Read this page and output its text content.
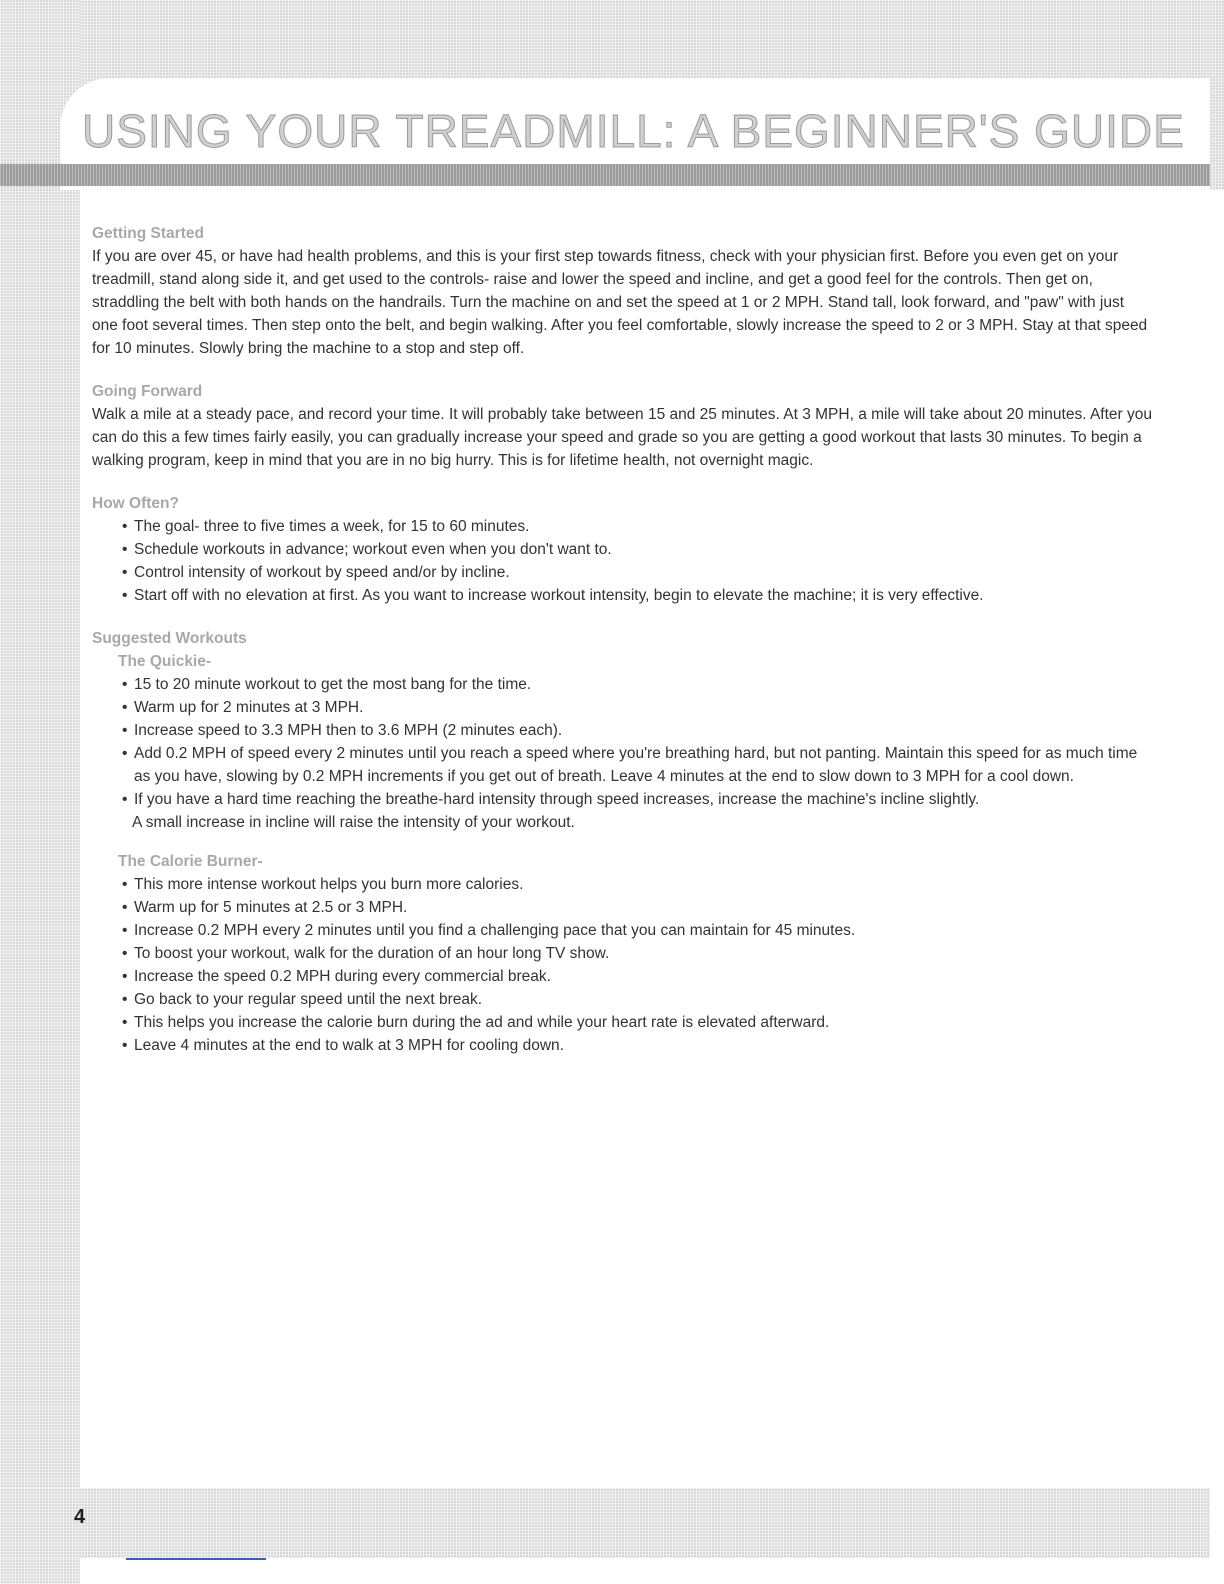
USING YOUR TREADMILL: A BEGINNER'S GUIDE
Getting Started

If you are over 45, or have had health problems, and this is your first step towards fitness, check with your physician first. Before you even get on your treadmill, stand along side it, and get used to the controls- raise and lower the speed and incline, and get a good feel for the controls. Then get on, straddling the belt with both hands on the handrails. Turn the machine on and set the speed at 1 or 2 MPH. Stand tall, look forward, and "paw" with just one foot several times. Then step onto the belt, and begin walking. After you feel comfortable, slowly increase the speed to 2 or 3 MPH. Stay at that speed for 10 minutes. Slowly bring the machine to a stop and step off.

Going Forward

Walk a mile at a steady pace, and record your time. It will probably take between 15 and 25 minutes. At 3 MPH, a mile will take about 20 minutes. After you can do this a few times fairly easily, you can gradually increase your speed and grade so you are getting a good workout that lasts 30 minutes. To begin a walking program, keep in mind that you are in no big hurry. This is for lifetime health, not overnight magic.

How Often?
• The goal- three to five times a week, for 15 to 60 minutes.
• Schedule workouts in advance; workout even when you don't want to.
• Control intensity of workout by speed and/or by incline.
• Start off with no elevation at first. As you want to increase workout intensity, begin to elevate the machine; it is very effective.
Suggested Workouts
The Quickie-
• 15 to 20 minute workout to get the most bang for the time.
• Warm up for 2 minutes at 3 MPH.
• Increase speed to 3.3 MPH then to 3.6 MPH (2 minutes each).
• Add 0.2 MPH of speed every 2 minutes until you reach a speed where you're breathing hard, but not panting. Maintain this speed for as much time as you have, slowing by 0.2 MPH increments if you get out of breath. Leave 4 minutes at the end to slow down to 3 MPH for a cool down.
• If you have a hard time reaching the breathe-hard intensity through speed increases, increase the machine's incline slightly.

A small increase in incline will raise the intensity of your workout.

The Calorie Burner-
• This more intense workout helps you burn more calories.
• Warm up for 5 minutes at 2.5 or 3 MPH.
• Increase 0.2 MPH every 2 minutes until you find a challenging pace that you can maintain for 45 minutes.
• To boost your workout, walk for the duration of an hour long TV show.
• Increase the speed 0.2 MPH during every commercial break.
• Go back to your regular speed until the next break.
• This helps you increase the calorie burn during the ad and while your heart rate is elevated afterward.
• Leave 4 minutes at the end to walk at 3 MPH for cooling down.
4
